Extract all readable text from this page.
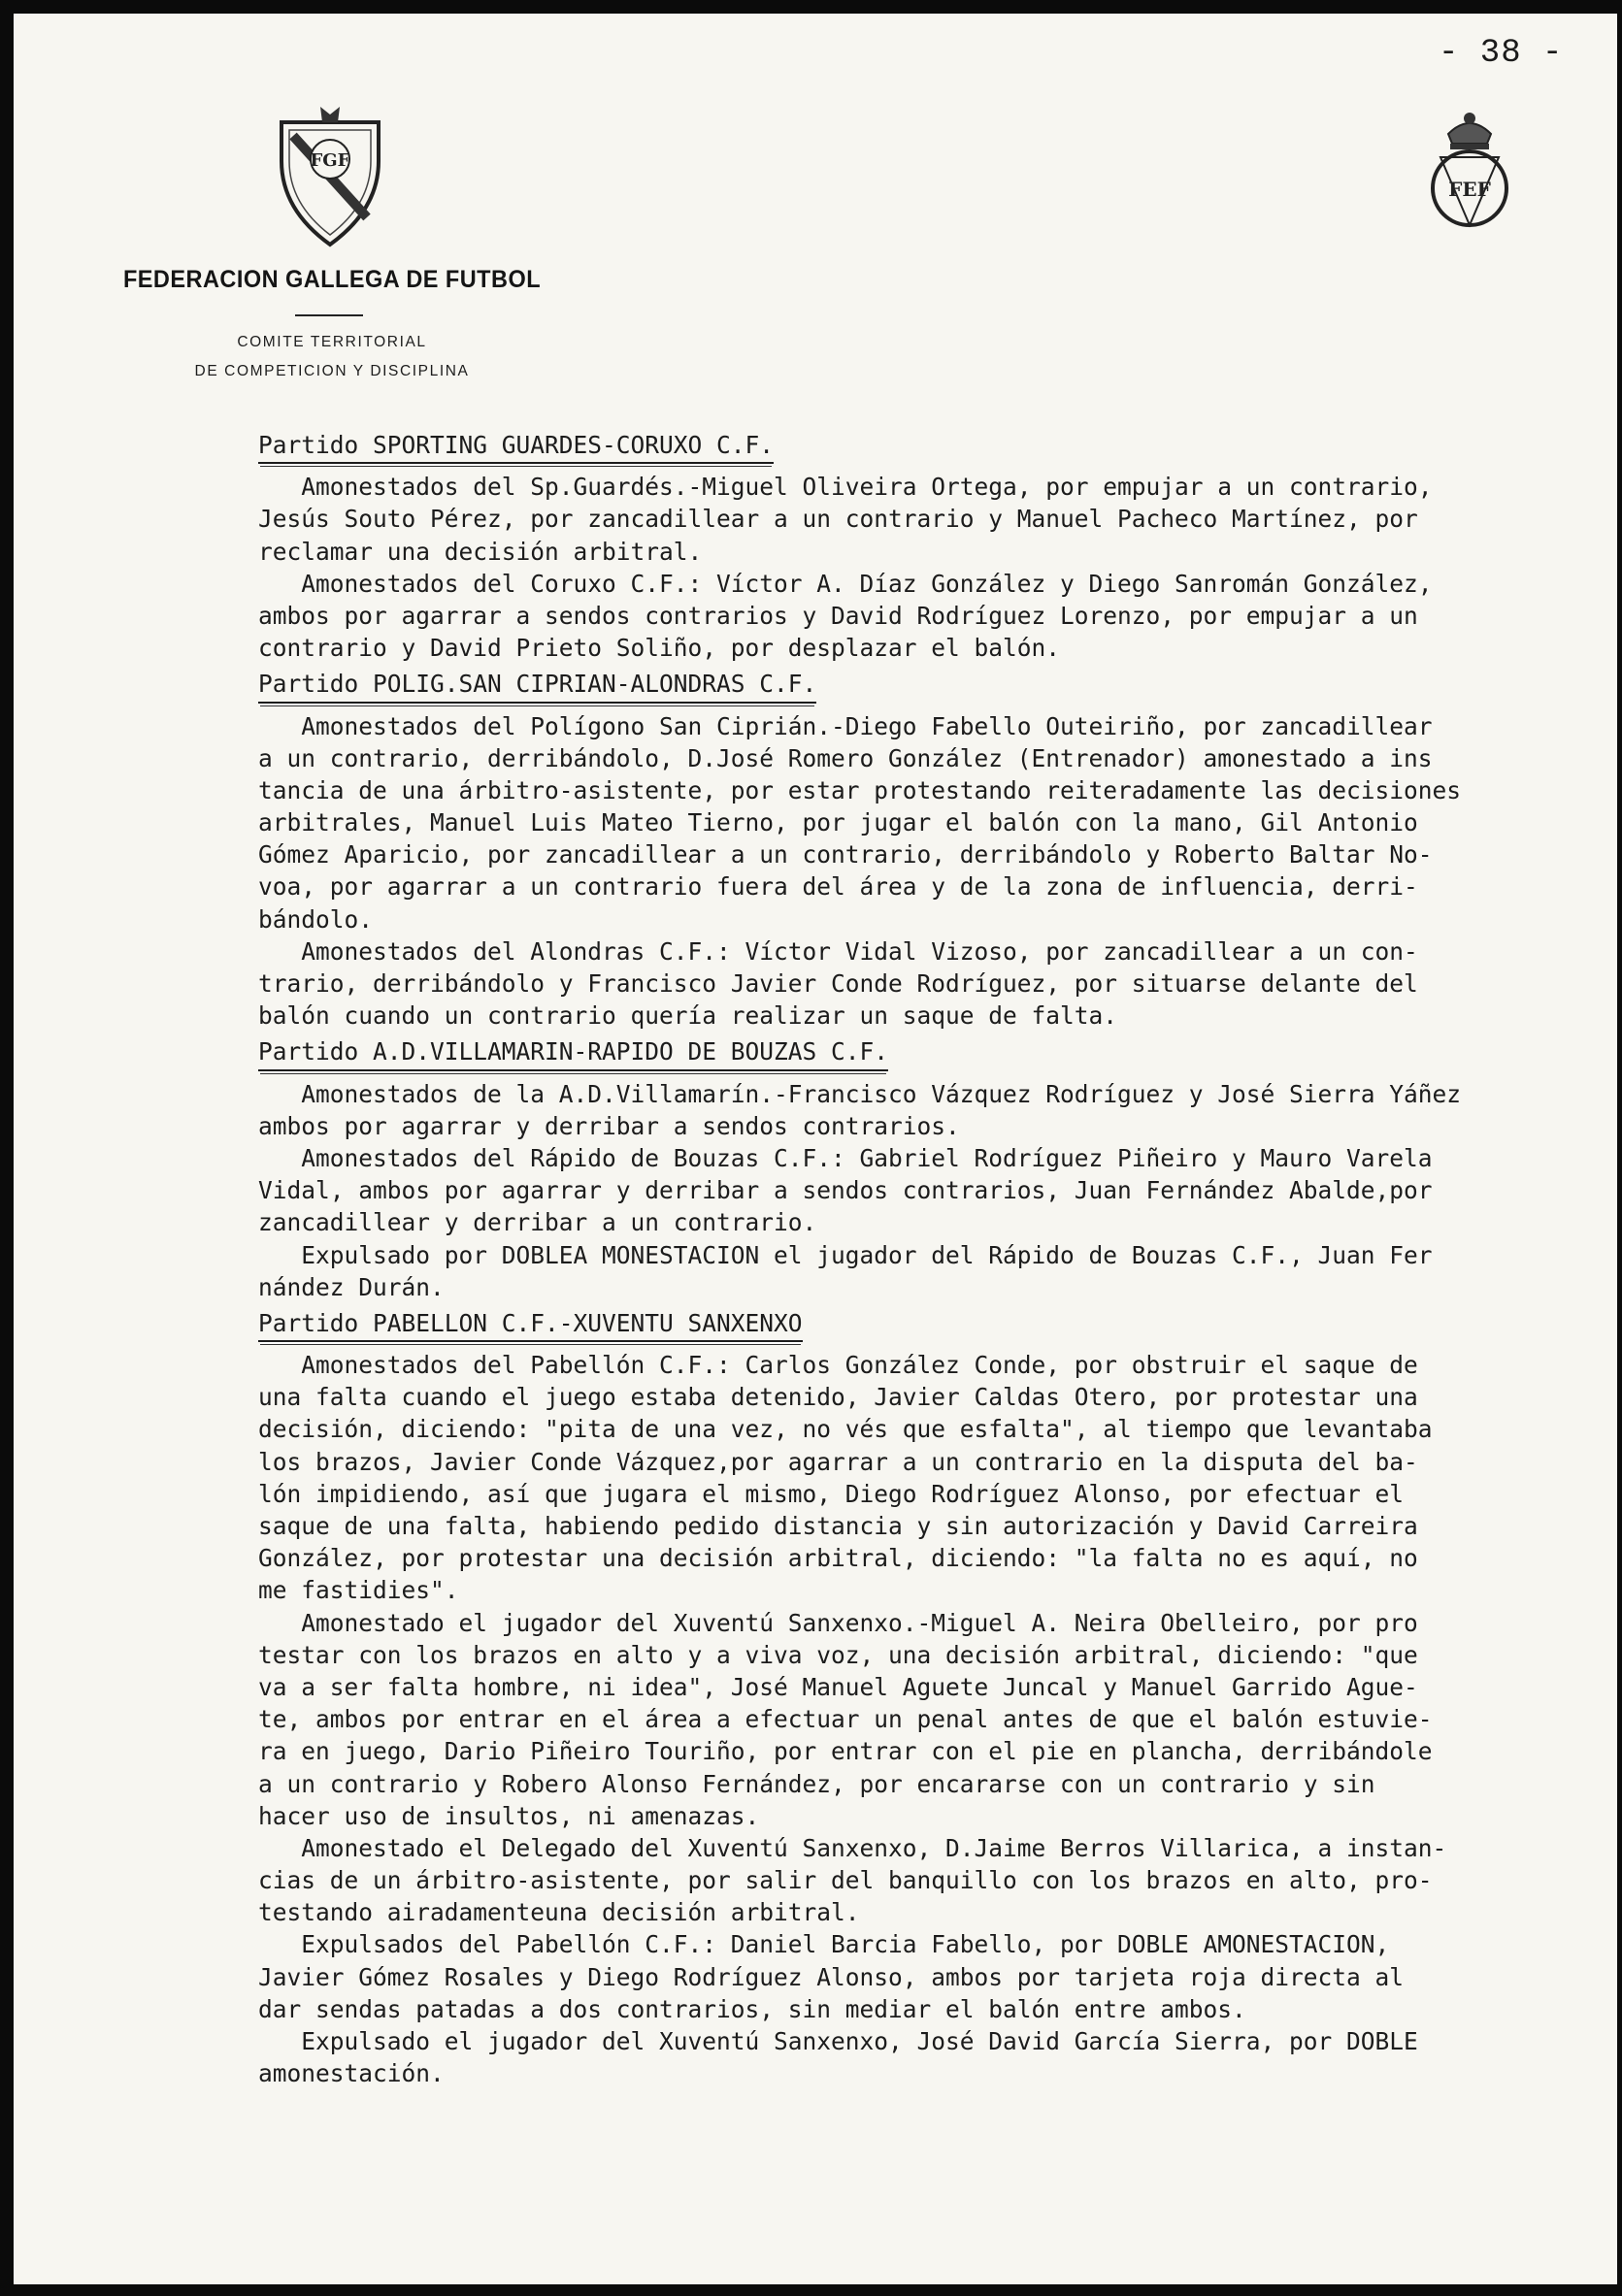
- 38 -
FGF
FEF
FEDERACION GALLEGA DE FUTBOL
COMITE TERRITORIAL
DE COMPETICION Y DISCIPLINA
Partido SPORTING GUARDES-CORUXO C.F.
Amonestados del Sp.Guardés.-Miguel Oliveira Ortega, por empujar a un contrario,
Jesús Souto Pérez, por zancadillear a un contrario y Manuel Pacheco Martínez, por
reclamar una decisión arbitral.
Amonestados del Coruxo C.F.: Víctor A. Díaz González y Diego Sanromán González,
ambos por agarrar a sendos contrarios y David Rodríguez Lorenzo, por empujar a un
contrario y David Prieto Soliño, por desplazar el balón.
Partido POLIG.SAN CIPRIAN-ALONDRAS C.F.
Amonestados del Polígono San Ciprián.-Diego Fabello Outeiriño, por zancadillear
a un contrario, derribándolo, D.José Romero González (Entrenador) amonestado a ins
tancia de una árbitro-asistente, por estar protestando reiteradamente las decisiones
arbitrales, Manuel Luis Mateo Tierno, por jugar el balón con la mano, Gil Antonio
Gómez Aparicio, por zancadillear a un contrario, derribándolo y Roberto Baltar No-
voa, por agarrar a un contrario fuera del área y de la zona de influencia, derri-
bándolo.
Amonestados del Alondras C.F.: Víctor Vidal Vizoso, por zancadillear a un con-
trario, derribándolo y Francisco Javier Conde Rodríguez, por situarse delante del
balón cuando un contrario quería realizar un saque de falta.
Partido A.D.VILLAMARIN-RAPIDO DE BOUZAS C.F.
Amonestados de la A.D.Villamarín.-Francisco Vázquez Rodríguez y José Sierra Yáñez
ambos por agarrar y derribar a sendos contrarios.
Amonestados del Rápido de Bouzas C.F.: Gabriel Rodríguez Piñeiro y Mauro Varela
Vidal, ambos por agarrar y derribar a sendos contrarios, Juan Fernández Abalde,por
zancadillear y derribar a un contrario.
Expulsado por DOBLEA MONESTACION el jugador del Rápido de Bouzas C.F., Juan Fer
nández Durán.
Partido PABELLON C.F.-XUVENTU SANXENXO
Amonestados del Pabellón C.F.: Carlos González Conde, por obstruir el saque de
una falta cuando el juego estaba detenido, Javier Caldas Otero, por protestar una
decisión, diciendo: "pita de una vez, no vés que esfalta", al tiempo que levantaba
los brazos, Javier Conde Vázquez,por agarrar a un contrario en la disputa del ba-
lón impidiendo, así que jugara el mismo, Diego Rodríguez Alonso, por efectuar el
saque de una falta, habiendo pedido distancia y sin autorización y David Carreira
González, por protestar una decisión arbitral, diciendo: "la falta no es aquí, no
me fastidies".
Amonestado el jugador del Xuventú Sanxenxo.-Miguel A. Neira Obelleiro, por pro
testar con los brazos en alto y a viva voz, una decisión arbitral, diciendo: "que
va a ser falta hombre, ni idea", José Manuel Aguete Juncal y Manuel Garrido Ague-
te, ambos por entrar en el área a efectuar un penal antes de que el balón estuvie-
ra en juego, Dario Piñeiro Touriño, por entrar con el pie en plancha, derribándole
a un contrario y Robero Alonso Fernández, por encararse con un contrario y sin
hacer uso de insultos, ni amenazas.
Amonestado el Delegado del Xuventú Sanxenxo, D.Jaime Berros Villarica, a instan-
cias de un árbitro-asistente, por salir del banquillo con los brazos en alto, pro-
testando airadamenteuna decisión arbitral.
Expulsados del Pabellón C.F.: Daniel Barcia Fabello, por DOBLE AMONESTACION,
Javier Gómez Rosales y Diego Rodríguez Alonso, ambos por tarjeta roja directa al
dar sendas patadas a dos contrarios, sin mediar el balón entre ambos.
Expulsado el jugador del Xuventú Sanxenxo, José David García Sierra, por DOBLE
amonestación.
